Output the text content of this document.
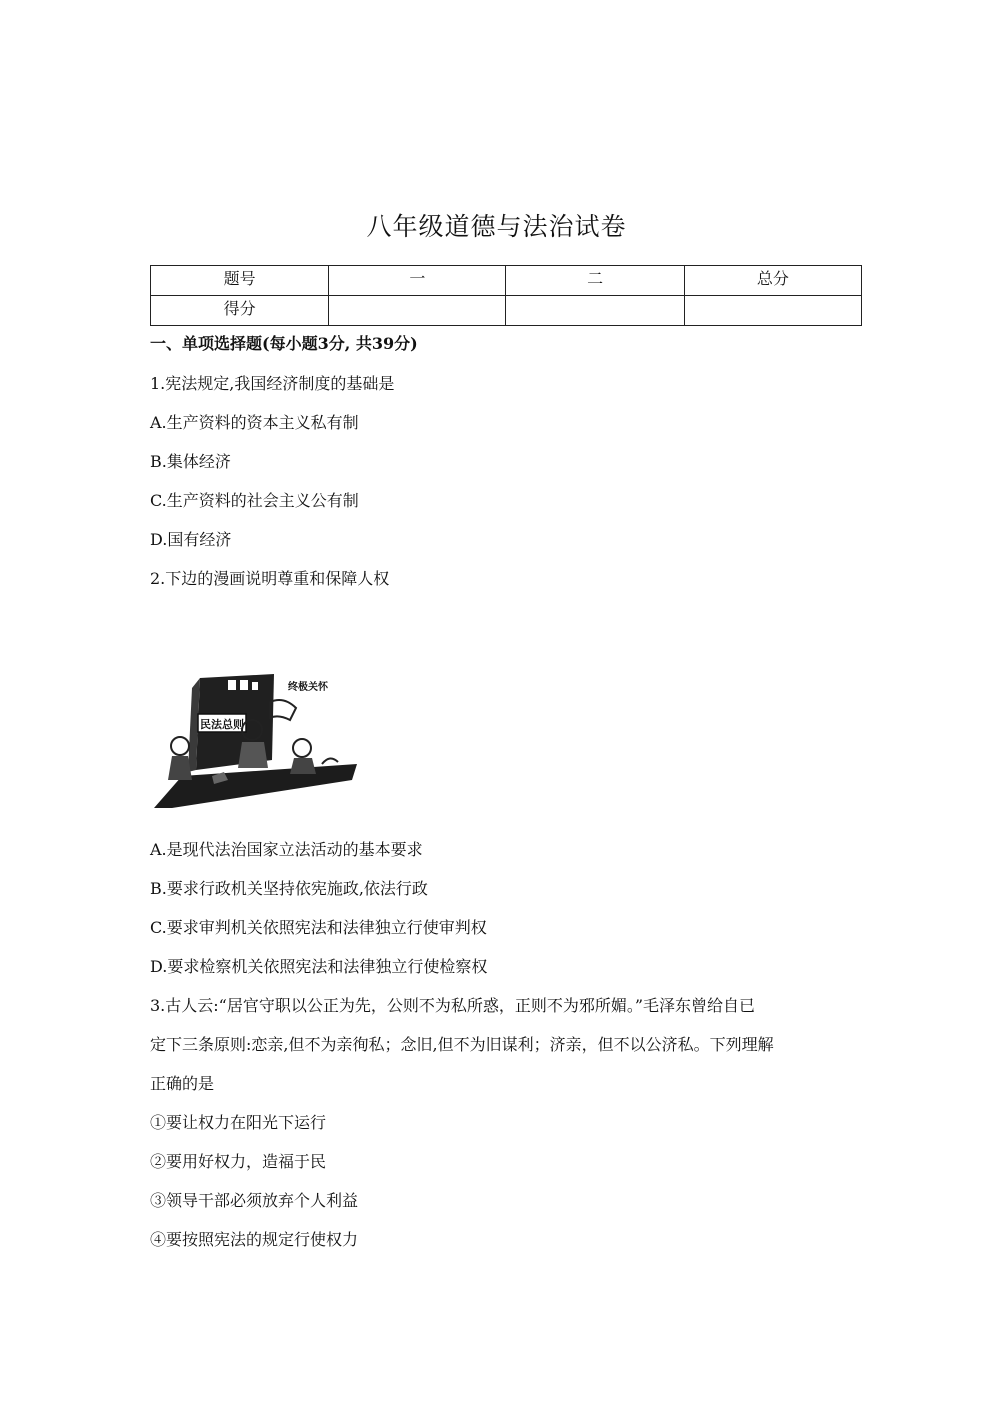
八年级道德与法治试卷
题号	一	二	总分
得分			
一、单项选择题(每小题3分, 共39分)
1.宪法规定,我国经济制度的基础是
A.生产资料的资本主义私有制
B.集体经济
C.生产资料的社会主义公有制
D.国有经济
2.下边的漫画说明尊重和保障人权
民法总则
终极关怀
A.是现代法治国家立法活动的基本要求
B.要求行政机关坚持依宪施政,依法行政
C.要求审判机关依照宪法和法律独立行使审判权
D.要求检察机关依照宪法和法律独立行使检察权
3.古人云:“居官守职以公正为先，公则不为私所惑，正则不为邪所媚。”毛泽东曾给自已
定下三条原则:恋亲,但不为亲徇私；念旧,但不为旧谋利；济亲，但不以公济私。下列理解
正确的是
①要让权力在阳光下运行
②要用好权力，造福于民
③领导干部必须放弃个人利益
④要按照宪法的规定行使权力
